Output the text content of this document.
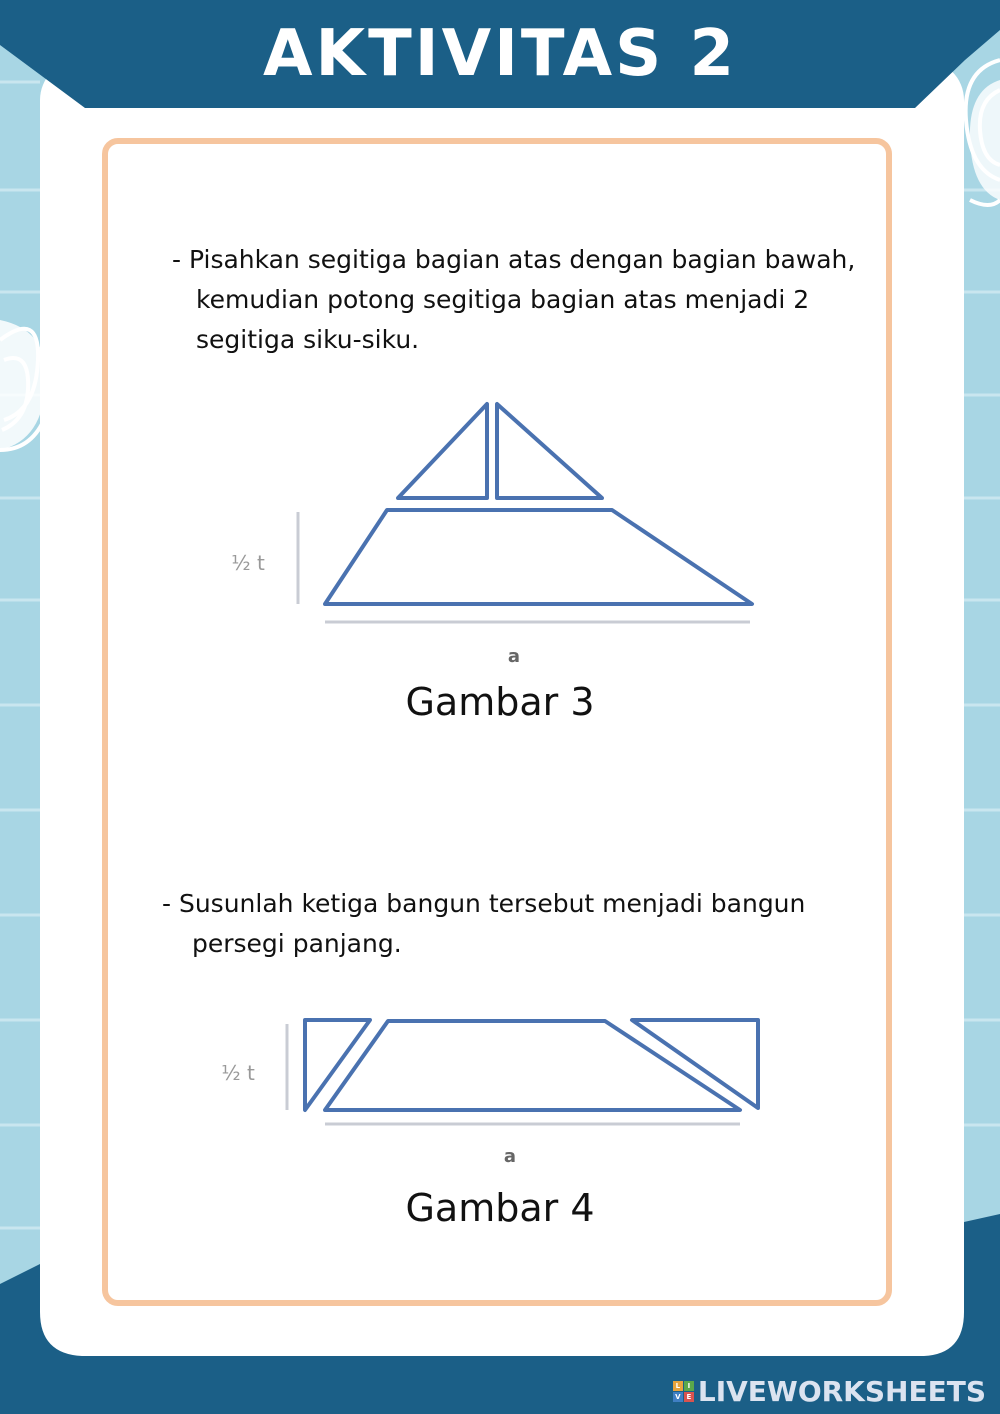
AKTIVITAS 2

- Pisahkan segitiga bagian atas dengan bagian bawah,
kemudian potong segitiga bagian atas menjadi 2
segitiga siku-siku.

½ t
a
Gambar 3

- Susunlah ketiga bangun tersebut menjadi bangun
persegi panjang.

½ t
a
Gambar 4
L	I
V E LIVEWORKSHEETS
